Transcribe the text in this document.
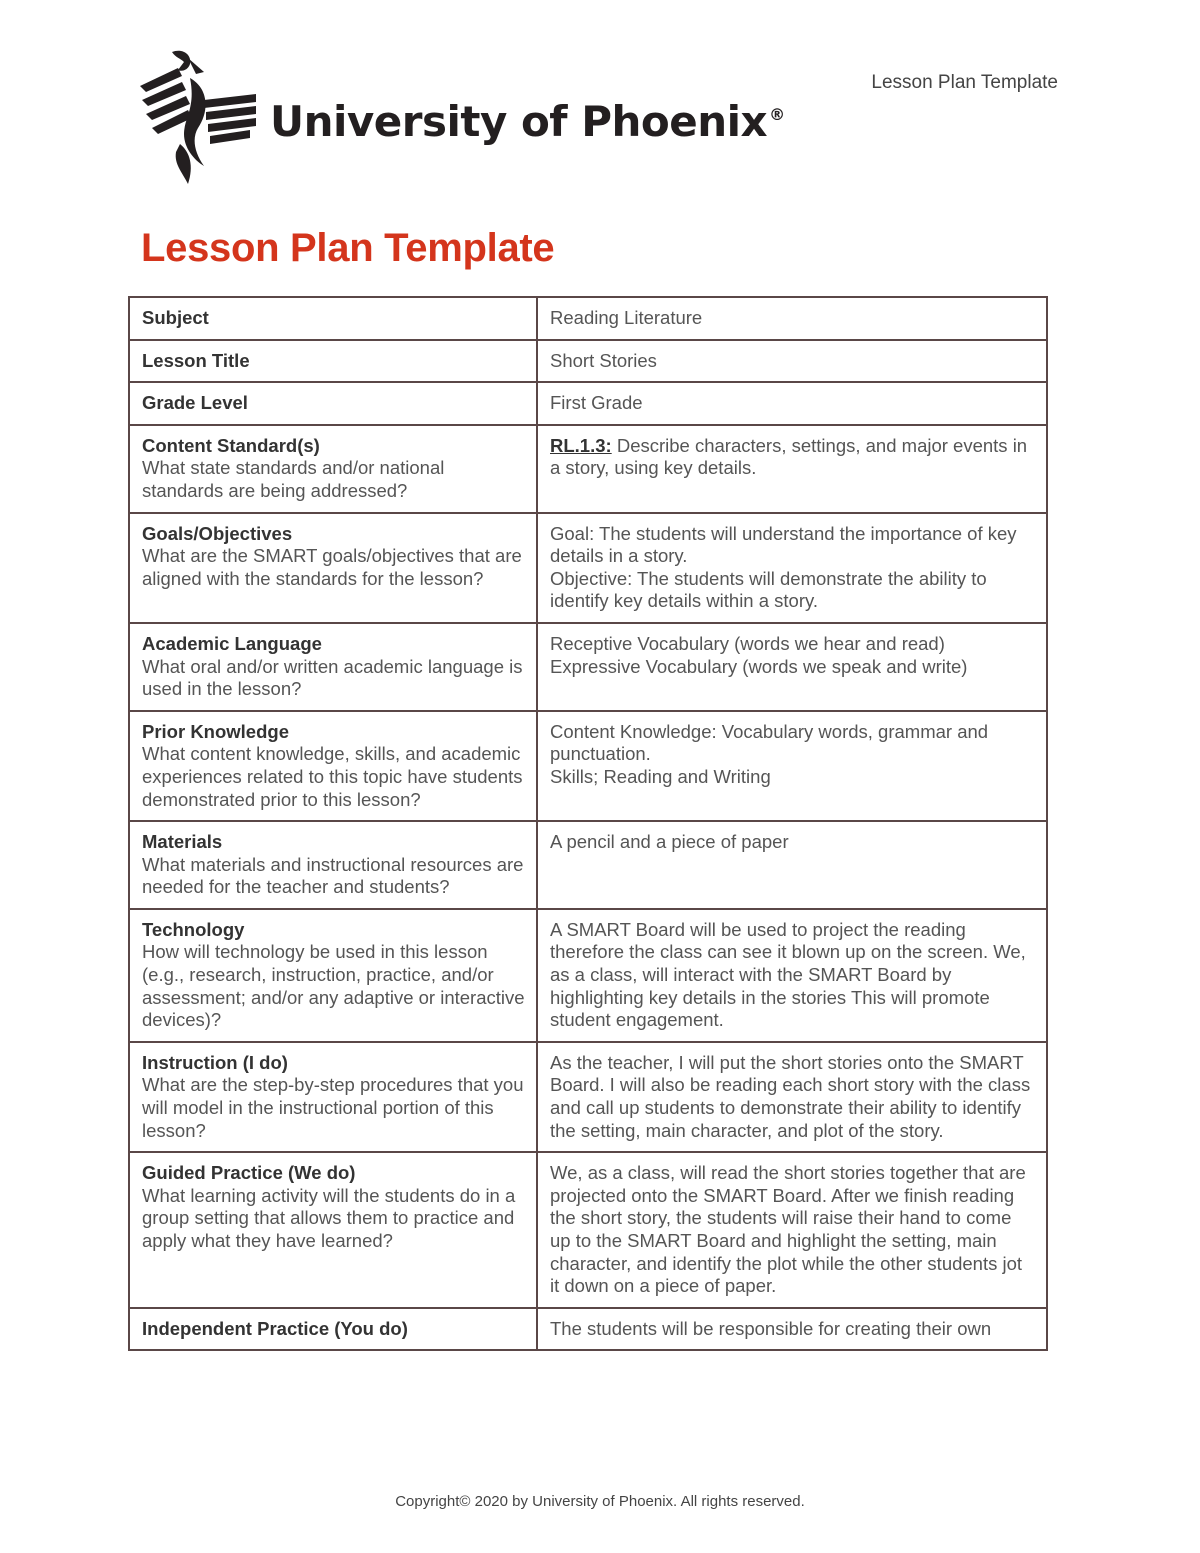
Lesson Plan Template
University of Phoenix ®
Lesson Plan Template
Subject	Reading Literature

Lesson Title	Short Stories

Grade Level	First Grade

Content Standard(s)
What state standards and/or national standards are being addressed?	RL.1.3: Describe characters, settings, and major events in a story, using key details.

Goals/Objectives
What are the SMART goals/objectives that are aligned with the standards for the lesson?	Goal: The students will understand the importance of key details in a story.
Objective: The students will demonstrate the ability to identify key details within a story.

Academic Language
What oral and/or written academic language is used in the lesson?	Receptive Vocabulary (words we hear and read)
Expressive Vocabulary (words we speak and write)

Prior Knowledge
What content knowledge, skills, and academic experiences related to this topic have students demonstrated prior to this lesson?	Content Knowledge: Vocabulary words, grammar and punctuation.
Skills; Reading and Writing

Materials
What materials and instructional resources are needed for the teacher and students?	A pencil and a piece of paper

Technology
How will technology be used in this lesson (e.g., research, instruction, practice, and/or assessment; and/or any adaptive or interactive devices)?	A SMART Board will be used to project the reading therefore the class can see it blown up on the screen. We, as a class, will interact with the SMART Board by highlighting key details in the stories This will promote student engagement.

Instruction (I do)
What are the step-by-step procedures that you will model in the instructional portion of this lesson?	As the teacher, I will put the short stories onto the SMART Board. I will also be reading each short story with the class and call up students to demonstrate their ability to identify the setting, main character, and plot of the story.

Guided Practice (We do)
What learning activity will the students do in a group setting that allows them to practice and apply what they have learned?	We, as a class, will read the short stories together that are projected onto the SMART Board. After we finish reading the short story, the students will raise their hand to come up to the SMART Board and highlight the setting, main character, and identify the plot while the other students jot it down on a piece of paper.

Independent Practice (You do)	The students will be responsible for creating their own
Copyright© 2020 by University of Phoenix. All rights reserved.
